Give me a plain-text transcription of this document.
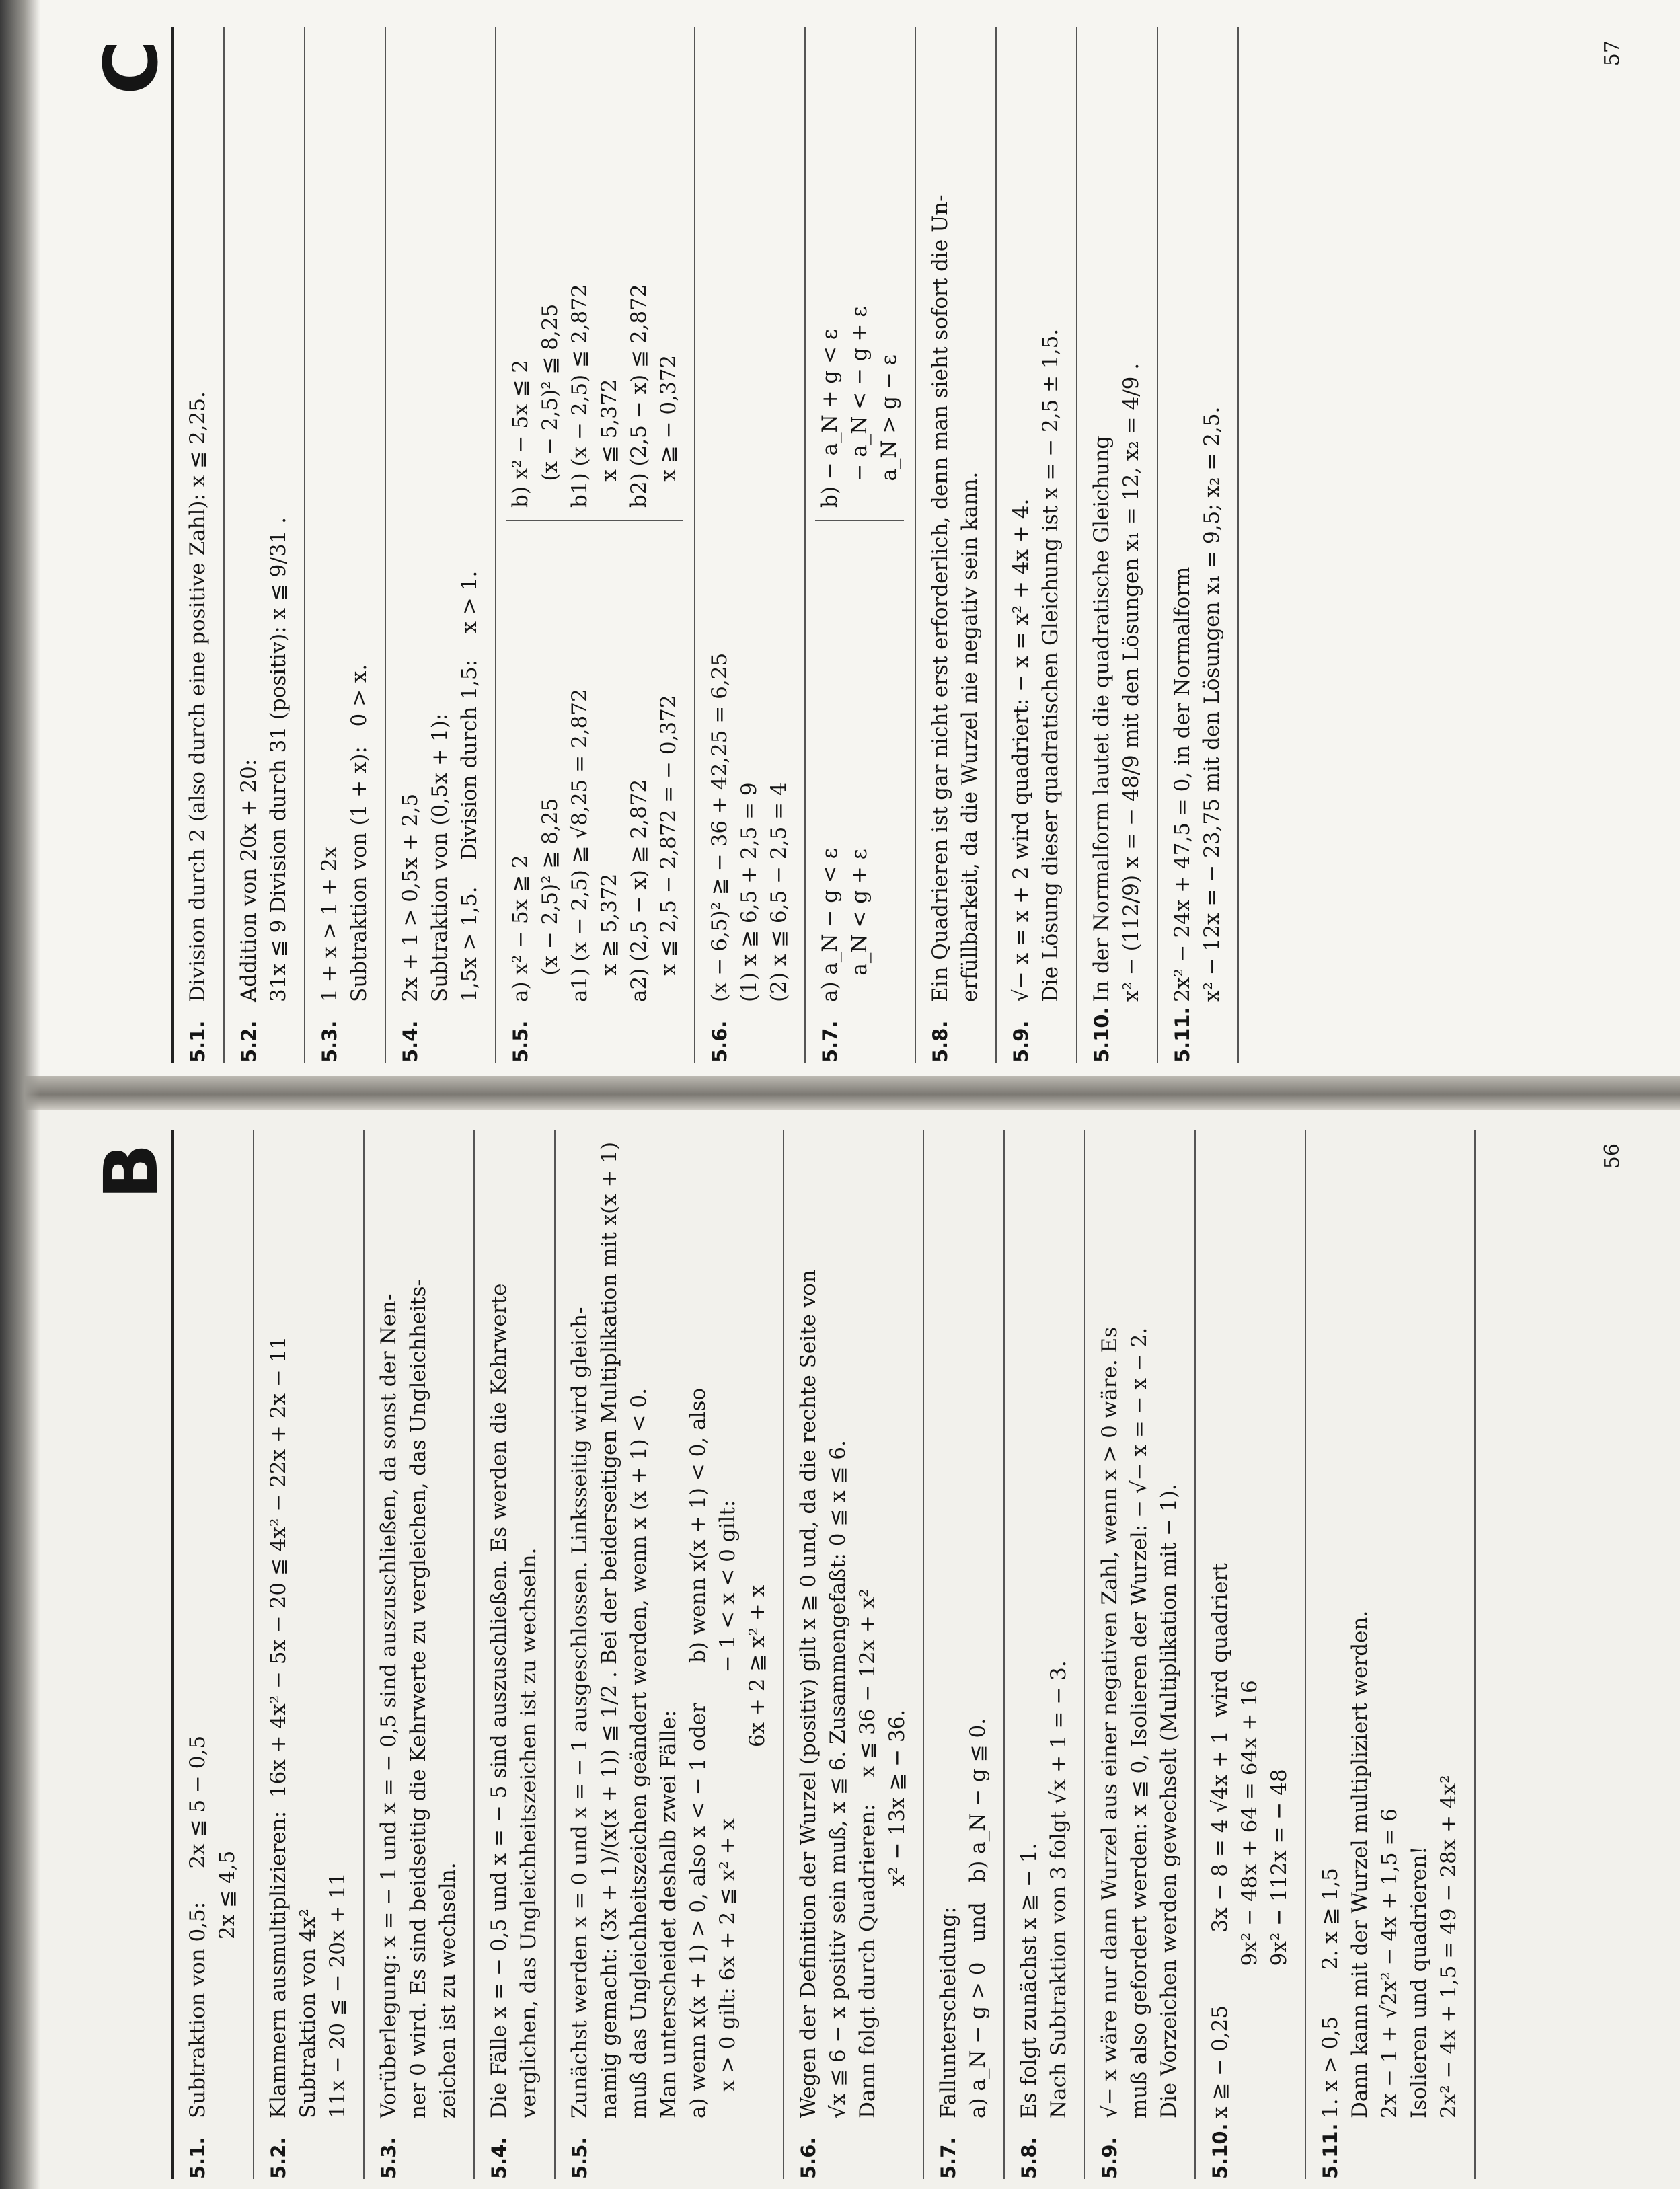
C
5.1.
Division durch 2 (also durch eine positive Zahl): x ≦ 2,25.
5.2.
Addition von 20x + 20: 31x ≦ 9 Division durch 31 (positiv): x ≦ 9/31 .
5.3.
1 + x > 1 + 2x Subtraktion von (1 + x):   0 > x.
5.4.
2x + 1 > 0,5x + 2,5 Subtraktion von (0,5x + 1): 1,5x > 1,5.    Division durch 1,5:    x > 1.
5.5.
a) x² − 5x ≧ 2 (x − 2,5)² ≧ 8,25 a1) (x − 2,5) ≧ √8,25 = 2,872 x ≧ 5,372 a2) (2,5 − x) ≧ 2,872 x ≦ 2,5 − 2,872 = − 0,372
b) x² − 5x ≦ 2 (x − 2,5)² ≦ 8,25 b1) (x − 2,5) ≦ 2,872 x ≦ 5,372 b2) (2,5 − x) ≦ 2,872 x ≧ − 0,372
5.6.
(x − 6,5)² ≧ − 36 + 42,25 = 6,25 (1) x ≧ 6,5 + 2,5 = 9 (2) x ≦ 6,5 − 2,5 = 4
5.7.
a) a_N − g < ε a_N < g + ε
b) − a_N + g < ε − a_N < − g + ε a_N > g − ε
5.8.
Ein Quadrieren ist gar nicht erst erforderlich, denn man sieht sofort die Un- erfüllbarkeit, da die Wurzel nie negativ sein kann.
5.9.
√− x = x + 2 wird quadriert: − x = x² + 4x + 4. Die Lösung dieser quadratischen Gleichung ist x = − 2,5 ± 1,5.
5.10.
In der Normalform lautet die quadratische Gleichung x² − (112/9) x = − 48/9 mit den Lösungen x₁ = 12, x₂ = 4/9 .
5.11.
2x² − 24x + 47,5 = 0, in der Normalform x² − 12x = − 23,75 mit den Lösungen x₁ = 9,5; x₂ = 2,5.
57
B
5.1.
Subtraktion von 0,5:     2x ≦ 5 − 0,5 2x ≦ 4,5
5.2.
Klammern ausmultiplizieren:  16x + 4x² − 5x − 20 ≦ 4x² − 22x + 2x − 11 Subtraktion von 4x² 11x − 20 ≦ − 20x + 11
5.3.
Vorüberlegung: x = − 1 und x = − 0,5 sind auszuschließen, da sonst der Nen- ner 0 wird. Es sind beidseitig die Kehrwerte zu vergleichen, das Ungleichheits- zeichen ist zu wechseln.
5.4.
Die Fälle x = − 0,5 und x = − 5 sind auszuschließen. Es werden die Kehrwerte verglichen, das Ungleichheitszeichen ist zu wechseln.
5.5.
Zunächst werden x = 0 und x = − 1 ausgeschlossen. Linksseitig wird gleich- namig gemacht: (3x + 1)/(x(x + 1)) ≦ 1/2 . Bei der beiderseitigen Multiplikation mit x(x + 1) muß das Ungleichheitszeichen geändert werden, wenn x (x + 1) < 0. Man unterscheidet deshalb zwei Fälle: a) wenn x(x + 1) > 0, also x < − 1 oder      b) wenn x(x + 1) < 0, also x > 0 gilt: 6x + 2 ≦ x² + x                      − 1 < x < 0 gilt: 6x + 2 ≧ x² + x
5.6.
Wegen der Definition der Wurzel (positiv) gilt x ≧ 0 und, da die rechte Seite von √x ≦ 6 − x positiv sein muß, x ≦ 6. Zusammengefaßt: 0 ≦ x ≦ 6. Dann folgt durch Quadrieren:    x ≦ 36 − 12x + x² x² − 13x ≧ − 36.
5.7.
Fallunterscheidung: a) a_N − g > 0   und   b) a_N − g ≦ 0.
5.8.
Es folgt zunächst x ≧ − 1. Nach Subtraktion von 3 folgt √x + 1 = − 3.
5.9.
√− x wäre nur dann Wurzel aus einer negativen Zahl, wenn x > 0 wäre. Es muß also gefordert werden: x ≦ 0, Isolieren der Wurzel: − √− x = − x − 2. Die Vorzeichen werden gewechselt (Multiplikation mit − 1).
5.10.
x ≧ − 0,25           3x − 8 = 4 √4x + 1  wird quadriert 9x² − 48x + 64 = 64x + 16 9x² − 112x = − 48
5.11.
1. x > 0,5       2. x ≧ 1,5 Dann kann mit der Wurzel multipliziert werden. 2x − 1 + √2x² − 4x + 1,5 = 6 Isolieren und quadrieren! 2x² − 4x + 1,5 = 49 − 28x + 4x²
56
